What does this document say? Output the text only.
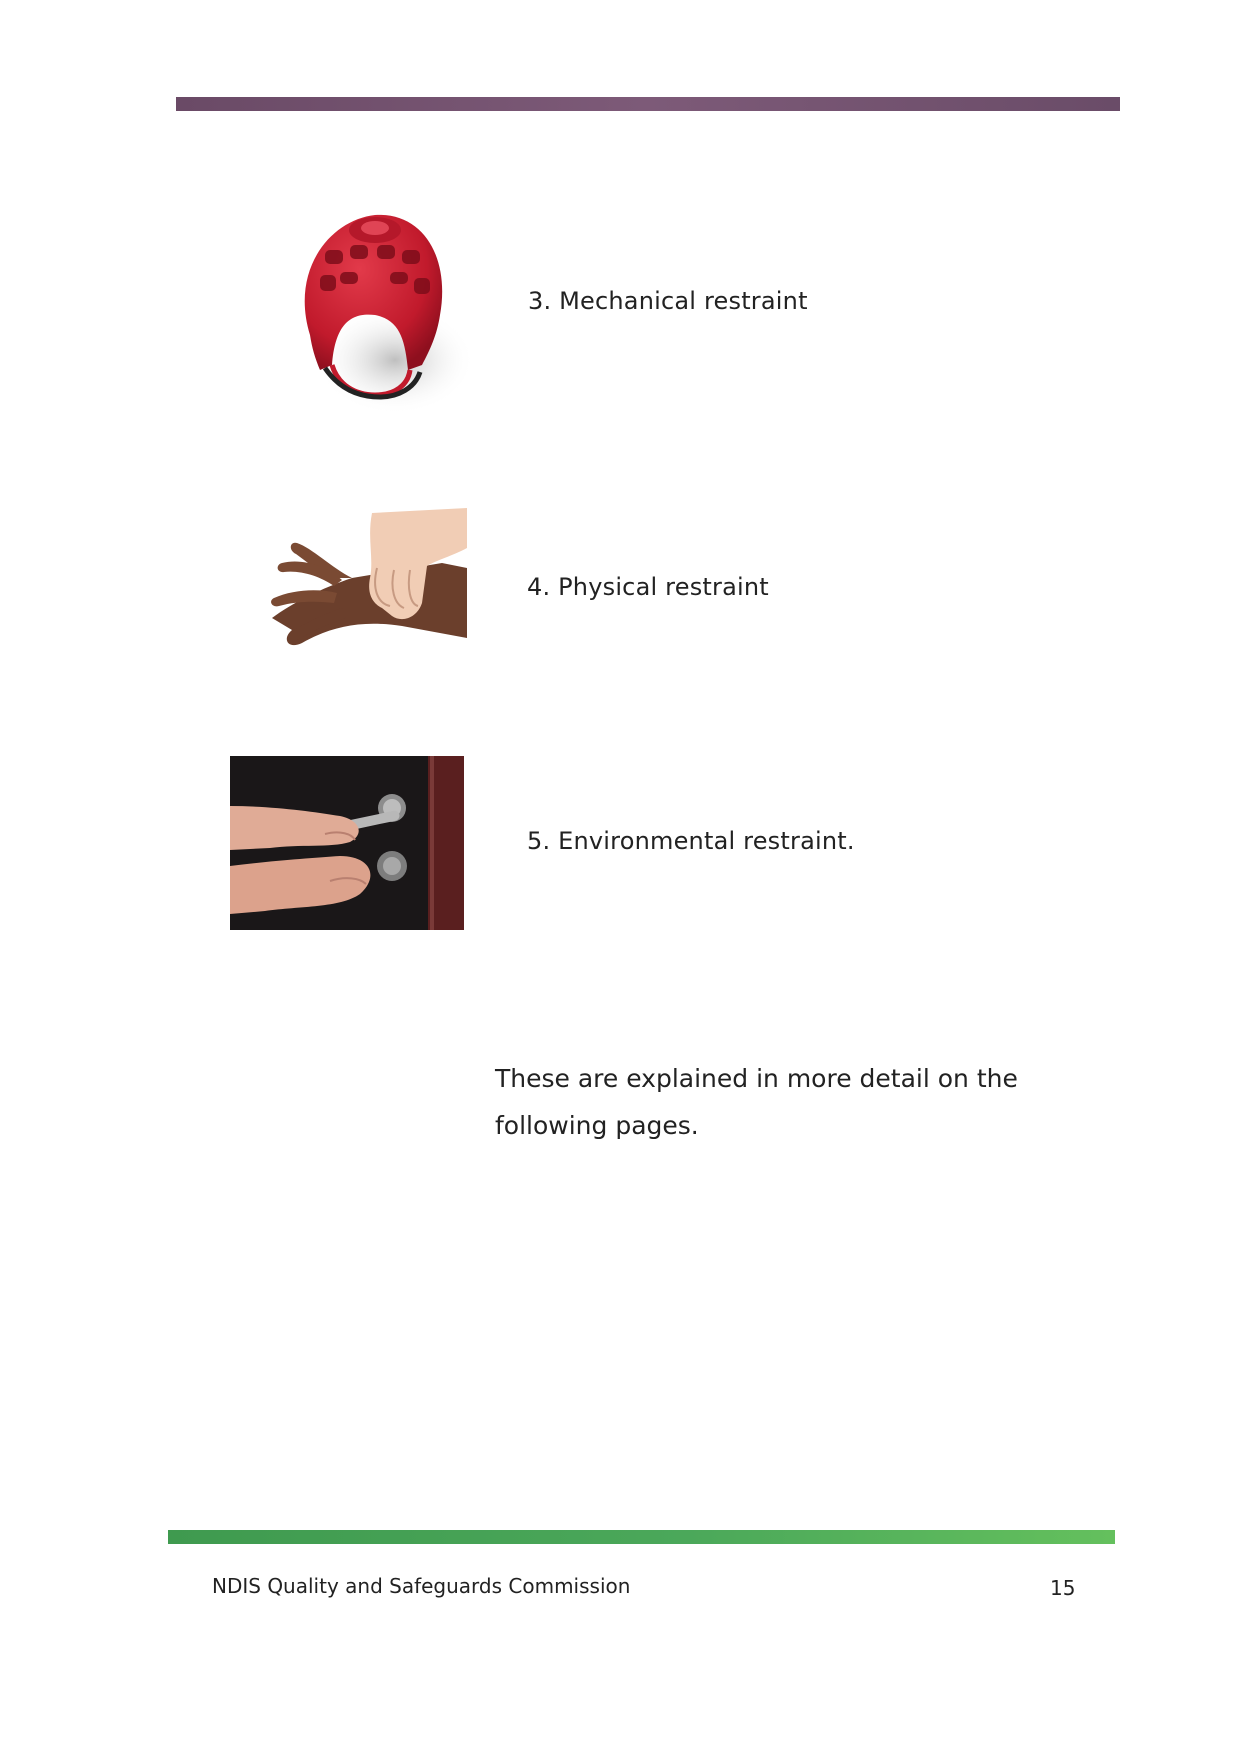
3. Mechanical restraint
4. Physical restraint
5. Environmental restraint.

These are explained in more detail on the following pages.

NDIS Quality and Safeguards Commission	15
